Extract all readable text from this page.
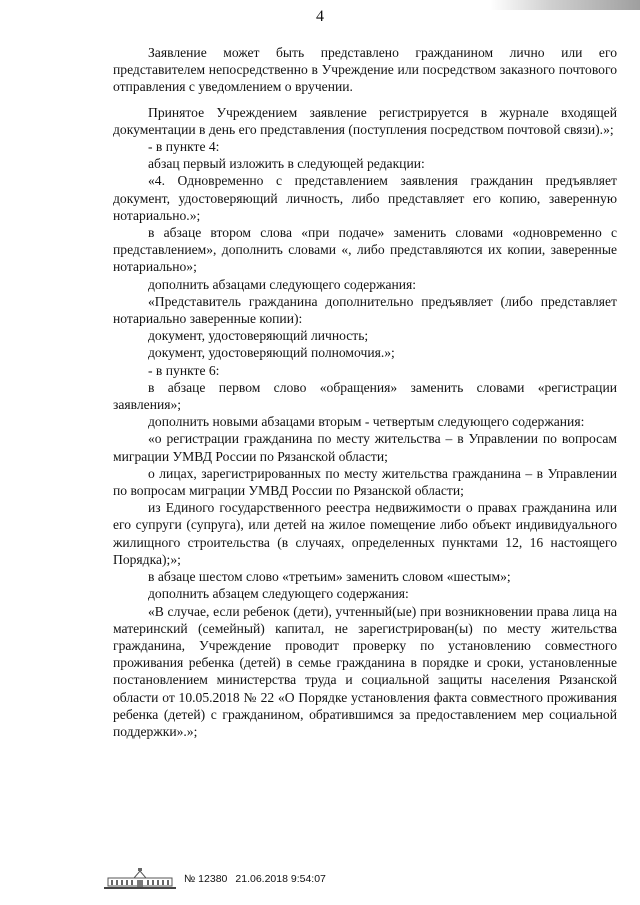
4

Заявление может быть представлено гражданином лично или его представителем непосредственно в Учреждение или посредством заказного почтового отправления с уведомлением о вручении.

Принятое Учреждением заявление регистрируется в журнале входящей документации в день его представления (поступления посредством почтовой связи).»;

- в пункте 4:

абзац первый изложить в следующей редакции:

«4. Одновременно с представлением заявления гражданин предъявляет документ, удостоверяющий личность, либо представляет его копию, заверенную нотариально.»;

в абзаце втором слова «при подаче» заменить словами «одновременно с представлением», дополнить словами «, либо представляются их копии, заверенные нотариально»;

дополнить абзацами следующего содержания:

«Представитель гражданина дополнительно предъявляет (либо представляет нотариально заверенные копии):

документ, удостоверяющий личность;

документ, удостоверяющий полномочия.»;

- в пункте 6:

в абзаце первом слово «обращения» заменить словами «регистрации заявления»;

дополнить новыми абзацами вторым - четвертым следующего содержания:

«о регистрации гражданина по месту жительства – в Управлении по вопросам миграции УМВД России по Рязанской области;

о лицах, зарегистрированных по месту жительства гражданина – в Управлении по вопросам миграции УМВД России по Рязанской области;

из Единого государственного реестра недвижимости о правах гражданина или его супруги (супруга), или детей на жилое помещение либо объект индивидуального жилищного строительства (в случаях, определенных пунктами 12, 16 настоящего Порядка);»;

в абзаце шестом слово «третьим» заменить словом «шестым»;

дополнить абзацем следующего содержания:

«В случае, если ребенок (дети), учтенный(ые) при возникновении права лица на материнский (семейный) капитал, не зарегистрирован(ы) по месту жительства гражданина, Учреждение проводит проверку по установлению совместного проживания ребенка (детей) в семье гражданина в порядке и сроки, установленные постановлением министерства труда и социальной защиты населения Рязанской области от 10.05.2018 № 22 «О Порядке установления факта совместного проживания ребенка (детей) с гражданином, обратившимся за предоставлением мер социальной поддержки».»;

№ 12380 21.06.2018 9:54:07
